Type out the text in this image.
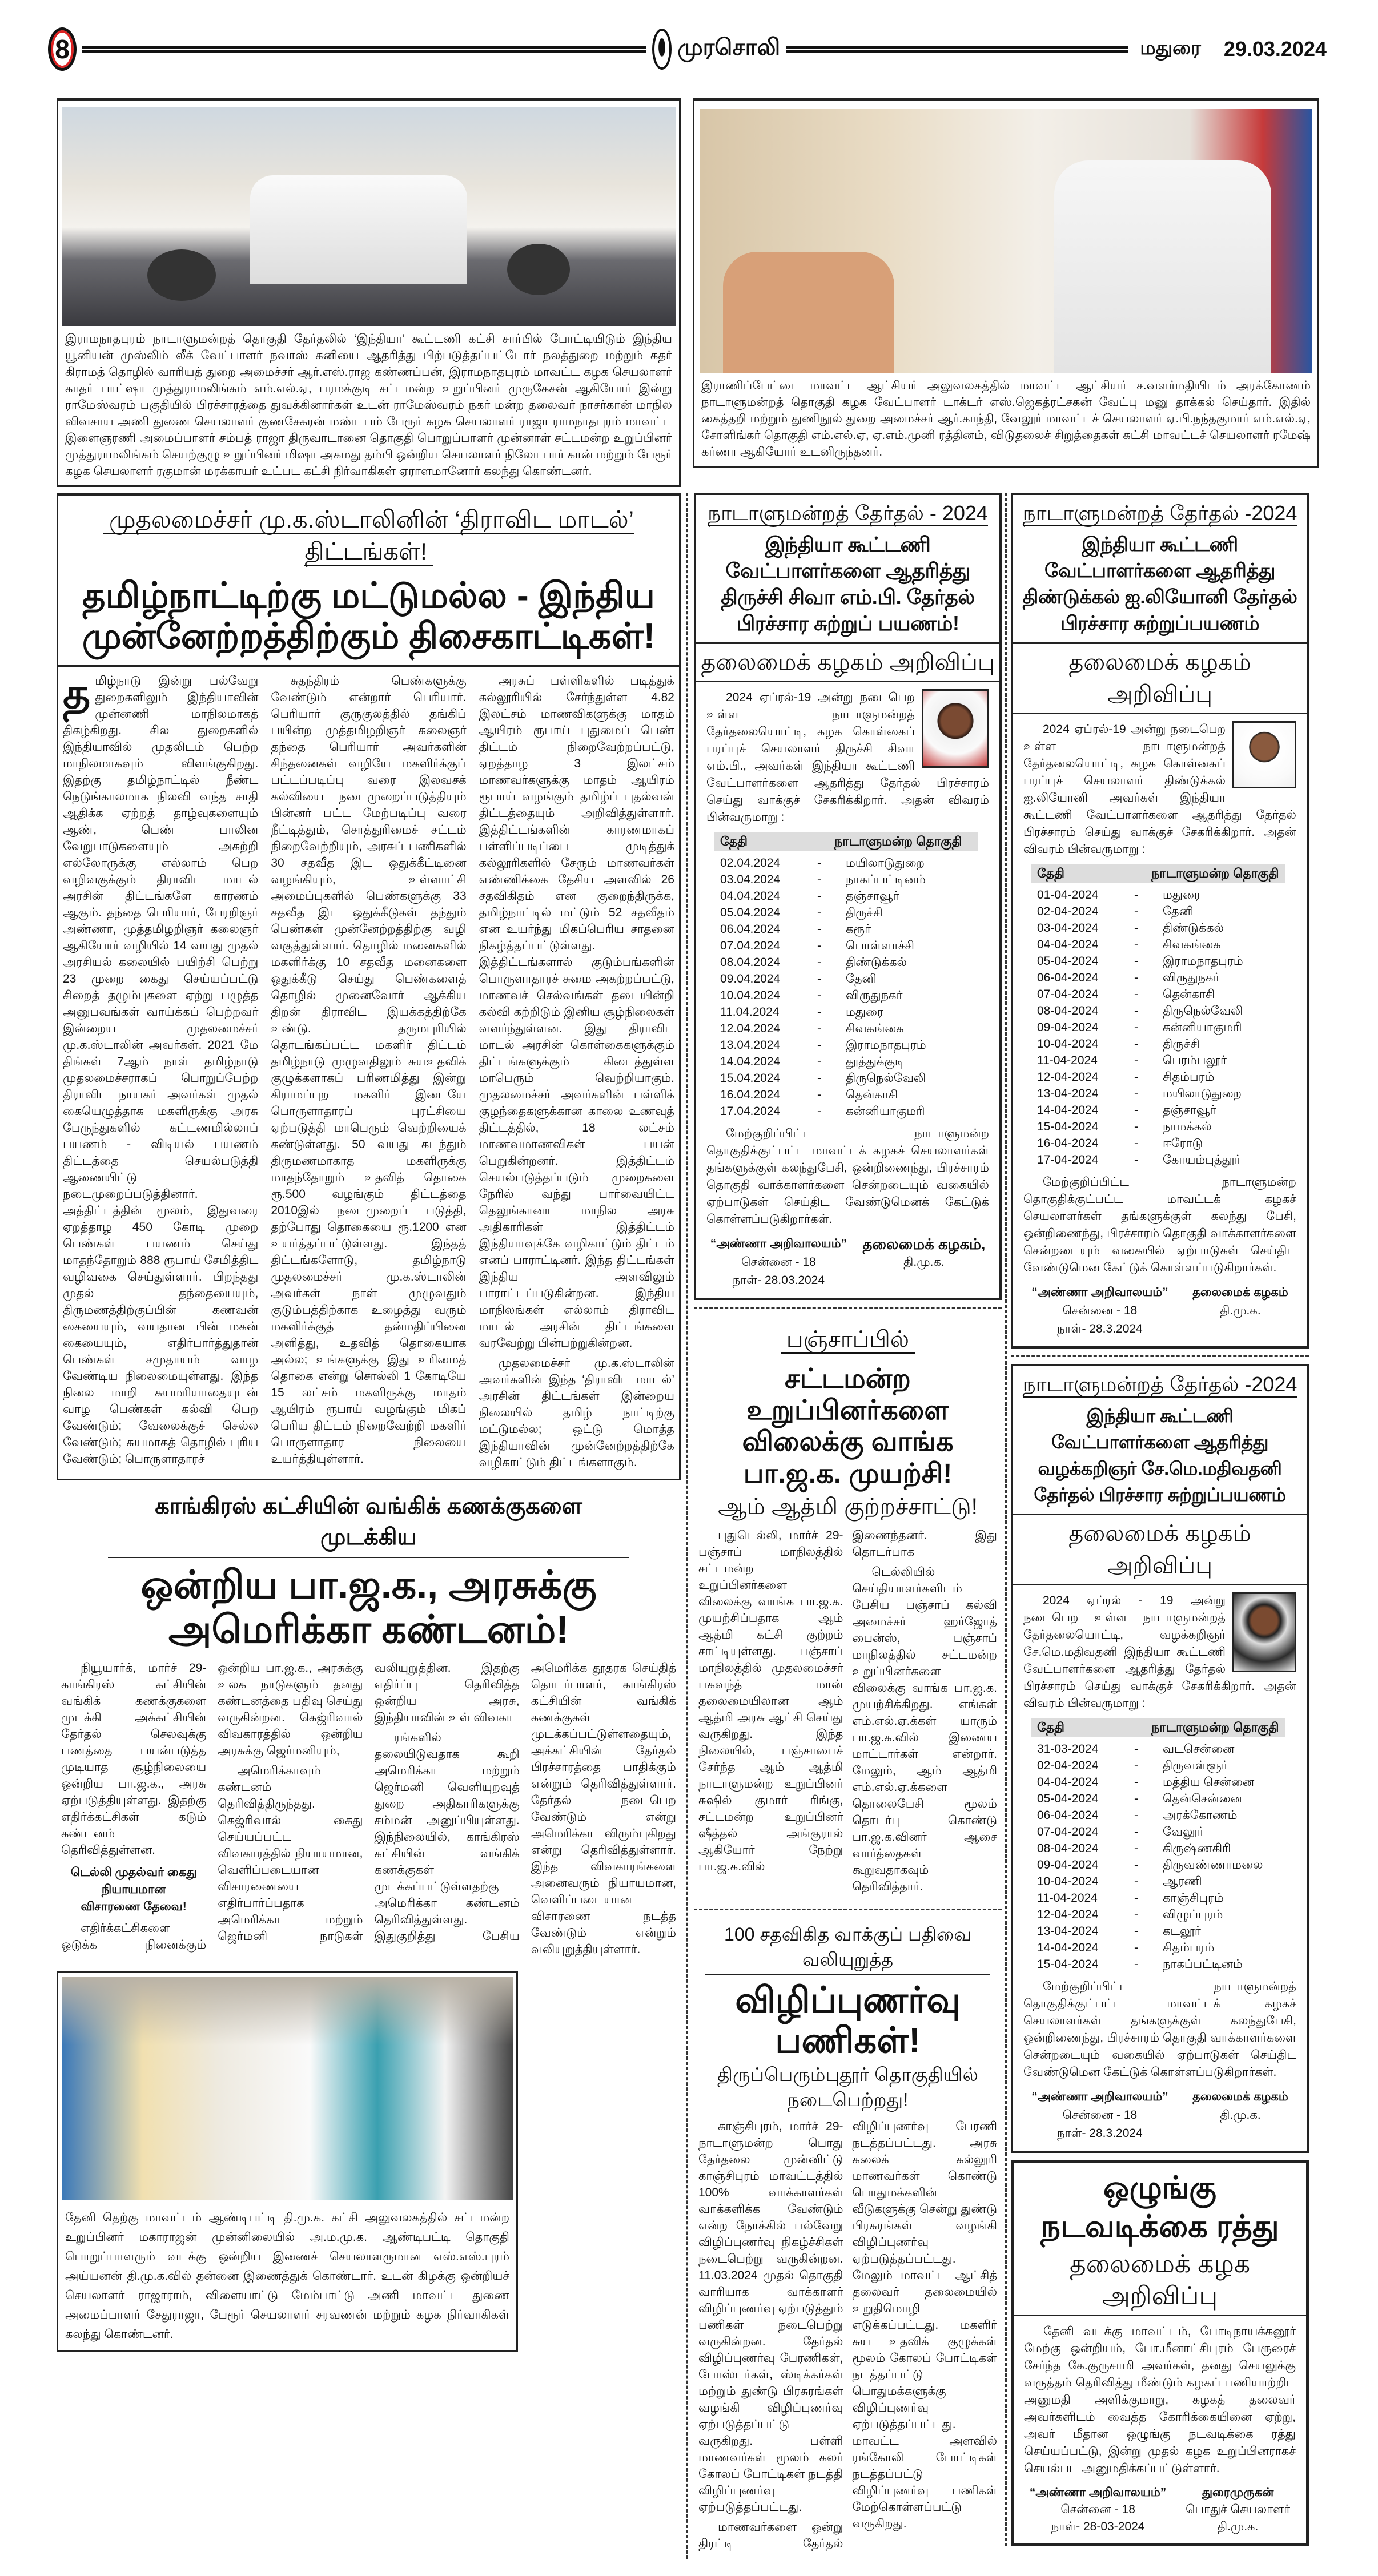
8	முரசொலி	மதுரை 29.03.2024
இராமநாதபுரம் நாடாளுமன்றத் தொகுதி தேர்தலில் ‘இந்தியா’ கூட்டணி கட்சி சார்பில் போட்டியிடும் இந்திய யூனியன் முஸ்லிம் லீக் வேட்பாளர் நவாஸ் கனியை ஆதரித்து பிற்படுத்தப்பட்டோர் நலத்துறை மற்றும் கதர் கிராமத் தொழில் வாரியத் துறை அமைச்சர் ஆர்.எஸ்.ராஜ கண்ணப்பன், இராமநாதபுரம் மாவட்ட கழக செயலாளர் காதர் பாட்ஷா முத்துராமலிங்கம் எம்.எல்.ஏ, பரமக்குடி சட்டமன்ற உறுப்பினர் முருகேசன் ஆகியோர் இன்று ராமேஸ்வரம் பகுதியில் பிரச்சாரத்தை துவக்கினார்கள் உடன் ராமேஸ்வரம் நகர் மன்ற தலைவர் நாசர்கான் மாநில விவசாய அணி துணை செயலாளர் குணசேகரன் மண்டபம் பேரூர் கழக செயலாளர் ராஜா ராமநாதபுரம் மாவட்ட இளைஞரணி அமைப்பாளர் சம்பத் ராஜா திருவாடானை தொகுதி பொறுப்பாளர் முன்னாள் சட்டமன்ற உறுப்பினர் முத்துராமலிங்கம் செயற்குழு உறுப்பினர் மிஷா அகமது தம்பி ஒன்றிய செயலாளர் நிலோ பார் கான் மற்றும் பேரூர் கழக செயலாளர் ரகுமான் மரக்காயர் உட்பட கட்சி நிர்வாகிகள் ஏராளமானோர் கலந்து கொண்டனர்.
இராணிப்பேட்டை மாவட்ட ஆட்சியர் அலுவலகத்தில் மாவட்ட ஆட்சியர் ச.வளர்மதியிடம் அரக்கோணம் நாடாளுமன்றத் தொகுதி கழக வேட்பாளர் டாக்டர் எஸ்.ஜெகத்ரட்சகன் வேட்பு மனு தாக்கல் செய்தார். இதில் கைத்தறி மற்றும் துணிநூல் துறை அமைச்சர் ஆர்.காந்தி, வேலூர் மாவட்டச் செயலாளர் ஏ.பி.நந்தகுமார் எம்.எல்.ஏ, சோளிங்கர் தொகுதி எம்.எல்.ஏ, ஏ.எம்.முனி ரத்தினம், விடுதலைச் சிறுத்தைகள் கட்சி மாவட்டச் செயலாளர் ரமேஷ் கர்ணா ஆகியோர் உடனிருந்தனர்.
முதலமைச்சர் மு.க.ஸ்டாலினின் ‘திராவிட மாடல்’ திட்டங்கள்!
தமிழ்நாட்டிற்கு மட்டுமல்ல - இந்திய முன்னேற்றத்திற்கும் திசைகாட்டிகள்!

தமிழ்நாடு இன்று பல்வேறு துறைகளிலும் இந்தியாவின் முன்னணி மாநிலமாகத் திகழ்கிறது. சில துறைகளில் இந்தியாவில் முதலிடம் பெற்ற மாநிலமாகவும் விளங்குகிறது. இதற்கு தமிழ்நாட்டில் நீண்ட நெடுங்காலமாக நிலவி வந்த சாதி ஆதிக்க ஏற்றத் தாழ்வுகளையும் ஆண், பெண் பாலின வேறுபாடுகளையும் அகற்றி எல்லோருக்கு எல்லாம் பெற வழிவகுக்கும் திராவிட மாடல் அரசின் திட்டங்களே காரணம் ஆகும். தந்தை பெரியார், பேரறிஞர் அண்ணா, முத்தமிழறிஞர் கலைஞர் ஆகியோர் வழியில் 14 வயது முதல் அரசியல் கலையில் பயிற்சி பெற்று 23 முறை கைது செய்யப்பட்டு சிறைத் தழும்புகளை ஏற்று பழுத்த அனுபவங்கள் வாய்க்கப் பெற்றவர் இன்றைய முதலமைச்சர் மு.க.ஸ்டாலின் அவர்கள். 2021 மே திங்கள் 7ஆம் நாள் தமிழ்நாடு முதலமைச்சராகப் பொறுப்பேற்ற திராவிட நாயகர் அவர்கள் முதல் கையெழுத்தாக மகளிருக்கு அரசு பேருந்துகளில் கட்டணமில்லாப் பயணம் - விடியல் பயணம் திட்டத்தை செயல்படுத்தி ஆணையிட்டு நடைமுறைப்படுத்தினார். அத்திட்டத்தின் மூலம், இதுவரை ஏறத்தாழ 450 கோடி முறை பெண்கள் பயணம் செய்து மாதந்தோறும் 888 ரூபாய் சேமித்திட வழிவகை செய்துள்ளார். பிறந்தது முதல் தந்தையையும், திருமணத்திற்குப்பின் கணவன் கையையும், வயதான பின் மகன் கையையும், எதிர்பார்த்துதான் பெண்கள் சமுதாயம் வாழ வேண்டிய நிலைமையுள்ளது. இந்த நிலை மாறி சுயமரியாதையுடன் வாழ பெண்கள் கல்வி பெற வேண்டும்; வேலைக்குச் செல்ல வேண்டும்; சுயமாகத் தொழில் புரிய வேண்டும்; பொருளாதாரச்

சுதந்திரம் பெண்களுக்கு வேண்டும் என்றார் பெரியார். பெரியார் குருகுலத்தில் தங்கிப் பயின்ற முத்தமிழறிஞர் கலைஞர் தந்தை பெரியார் அவர்களின் சிந்தனைகள் வழியே மகளிர்க்குப் பட்டப்படிப்பு வரை இலவசக் கல்வியை நடைமுறைப்படுத்தியும் பின்னர் பட்ட மேற்படிப்பு வரை நீட்டித்தும், சொத்துரிமைச் சட்டம் நிறைவேற்றியும், அரசுப் பணிகளில் 30 சதவீத இட ஒதுக்கீட்டினை வழங்கியும், உள்ளாட்சி அமைப்புகளில் பெண்களுக்கு 33 சதவீத இட ஒதுக்கீடுகள் தந்தும் பெண்கள் முன்னேற்றத்திற்கு வழி வகுத்துள்ளார். தொழில் மனைகளில் மகளிர்க்கு 10 சதவீத மனைகளை ஒதுக்கீடு செய்து பெண்களைத் தொழில் முனைவோர் ஆக்கிய திறன் திராவிட இயக்கத்திற்கே உண்டு. தருமபுரியில் தொடங்கப்பட்ட மகளிர் திட்டம் தமிழ்நாடு முழுவதிலும் சுயஉதவிக் குழுக்களாகப் பரிணமித்து இன்று கிராமப்புற மகளிர் இடையே பொருளாதாரப் புரட்சியை ஏற்படுத்தி மாபெரும் வெற்றியைக் கண்டுள்ளது. 50 வயது கடந்தும் திருமணமாகாத மகளிருக்கு மாதந்தோறும் உதவித் தொகை ரூ.500 வழங்கும் திட்டத்தை 2010இல் நடைமுறைப் படுத்தி, தற்போது தொகையை ரூ.1200 என உயர்த்தப்பட்டுள்ளது. இந்தத் திட்டங்களோடு, தமிழ்நாடு முதலமைச்சர் மு.க.ஸ்டாலின் அவர்கள் நாள் முழுவதும் குடும்பத்திற்காக உழைத்து வரும் மகளிர்க்குத் தன்மதிப்பினை அளித்து, உதவித் தொகையாக அல்ல; உங்களுக்கு இது உரிமைத் தொகை என்று சொல்லி 1 கோடியே 15 லட்சம் மகளிருக்கு மாதம் ஆயிரம் ரூபாய் வழங்கும் மிகப் பெரிய திட்டம் நிறைவேற்றி மகளிர் பொருளாதார நிலையை உயர்த்தியுள்ளார்.

அரசுப் பள்ளிகளில் படித்துக் கல்லூரியில் சேர்ந்துள்ள 4.82 இலட்சம் மாணவிகளுக்கு மாதம் ஆயிரம் ரூபாய் புதுமைப் பெண் திட்டம் நிறைவேற்றப்பட்டு, ஏறத்தாழ 3 இலட்சம் மாணவர்களுக்கு மாதம் ஆயிரம் ரூபாய் வழங்கும் தமிழ்ப் புதல்வன் திட்டத்தையும் அறிவித்துள்ளார். இத்திட்டங்களின் காரணமாகப் பள்ளிப்படிப்பை முடித்துக் கல்லூரிகளில் சேரும் மாணவர்கள் எண்ணிக்கை தேசிய அளவில் 26 சதவிகிதம் என குறைந்திருக்க, தமிழ்நாட்டில் மட்டும் 52 சதவீதம் என உயர்ந்து மிகப்பெரிய சாதனை நிகழ்த்தப்பட்டுள்ளது. இத்திட்டங்களால் குடும்பங்களின் பொருளாதாரச் சுமை அகற்றப்பட்டு, மாணவச் செல்வங்கள் தடையின்றி கல்வி கற்றிடும் இனிய சூழ்நிலைகள் வளர்ந்துள்ளன. இது திராவிட மாடல் அரசின் கொள்கைகளுக்கும் திட்டங்களுக்கும் கிடைத்துள்ள மாபெரும் வெற்றியாகும். முதலமைச்சர் அவர்களின் பள்ளிக் குழந்தைகளுக்கான காலை உணவுத் திட்டத்தில், 18 லட்சம் மாணவமாணவிகள் பயன் பெறுகின்றனர். இத்திட்டம் செயல்படுத்தப்படும் முறைகளை நேரில் வந்து பார்வையிட்ட தெலுங்கானா மாநில அரசு அதிகாரிகள் இத்திட்டம் இந்தியாவுக்கே வழிகாட்டும் திட்டம் எனப் பாராட்டினர். இந்த திட்டங்கள் இந்திய அளவிலும் பாராட்டப்படுகின்றன. இந்திய மாநிலங்கள் எல்லாம் திராவிட மாடல் அரசின் திட்டங்களை வரவேற்று பின்பற்றுகின்றன.

முதலமைச்சர் மு.க.ஸ்டாலின் அவர்களின் இந்த ‘திராவிட மாடல்’ அரசின் திட்டங்கள் இன்றைய நிலையில் தமிழ் நாட்டிற்கு மட்டுமல்ல; ஒட்டு மொத்த இந்தியாவின் முன்னேற்றத்திற்கே வழிகாட்டும் திட்டங்களாகும்.

காங்கிரஸ் கட்சியின் வங்கிக் கணக்குகளை முடக்கிய
ஒன்றிய பா.ஜ.க., அரசுக்கு அமெரிக்கா கண்டனம்!

நியூயார்க், மார்ச் 29- காங்கிரஸ் கட்சியின் வங்கிக் கணக்குகளை முடக்கி அக்கட்சியின் தேர்தல் செலவுக்கு பணத்தை பயன்படுத்த முடியாத சூழ்நிலையை ஒன்றிய பா.ஜ.க., அரசு ஏற்படுத்தியுள்ளது. இதற்கு எதிர்க்கட்சிகள் கடும் கண்டனம் தெரிவித்துள்ளன.

டெல்லி முதல்வர் கைது நியாயமான விசாரணை தேவை!

எதிர்க்கட்சிகளை ஒடுக்க நினைக்கும் ஒன்றிய பா.ஜ.க., அரசுக்கு உலக நாடுகளும் தனது கண்டனத்தை பதிவு செய்து வருகின்றன. கெஜ்ரிவால் விவகாரத்தில் ஒன்றிய அரசுக்கு ஜெர்மனியும்,

அமெரிக்காவும் கண்டனம் தெரிவித்திருந்தது. கெஜ்ரிவால் கைது செய்யப்பட்ட விவகாரத்தில் நியாயமான, வெளிப்படையான விசாரணையை எதிர்பார்ப்பதாக அமெரிக்கா மற்றும் ஜெர்மனி நாடுகள் வலியுறுத்தின. இதற்கு எதிர்ப்பு தெரிவித்த ஒன்றிய அரசு, இந்தியாவின் உள் விவகா

ரங்களில் தலையிடுவதாக கூறி அமெரிக்கா மற்றும் ஜெர்மனி வெளியுறவுத் துறை அதிகாரிகளுக்கு சம்மன் அனுப்பியுள்ளது. இந்நிலையில், காங்கிரஸ் கட்சியின் வங்கிக் கணக்குகள் முடக்கப்பட்டுள்ளதற்கு அமெரிக்கா கண்டனம் தெரிவித்துள்ளது. இதுகுறித்து பேசிய அமெரிக்க தூதரக செய்தித் தொடர்பாளர், காங்கிரஸ் கட்சியின் வங்கிக் கணக்குகள் முடக்கப்பட்டுள்ளதையும், அக்கட்சியின் தேர்தல் பிரச்சாரத்தை பாதிக்கும் என்றும் தெரிவித்துள்ளார். தேர்தல் நடைபெற வேண்டும் என்று அமெரிக்கா விரும்புகிறது என்று தெரிவித்துள்ளார். இந்த விவகாரங்களை அனைவரும் நியாயமான, வெளிப்படையான விசாரணை நடத்த வேண்டும் என்றும் வலியுறுத்தியுள்ளார்.

தேனி தெற்கு மாவட்டம் ஆண்டிபட்டி தி.மு.க. கட்சி அலுவலகத்தில் சட்டமன்ற உறுப்பினர் மகாராஜன் முன்னிலையில் அ.ம.மு.க. ஆண்டிபட்டி தொகுதி பொறுப்பாளரும் வடக்கு ஒன்றிய இணைச் செயலாளருமான எஸ்.எஸ்.புரம் அய்யனன் தி.மு.க.வில் தன்னை இணைத்துக் கொண்டார். உடன் கிழக்கு ஒன்றியச் செயலாளர் ராஜாராம், விளையாட்டு மேம்பாட்டு அணி மாவட்ட துணை அமைப்பாளர் சேதுராஜா, பேரூர் செயலாளர் சரவணன் மற்றும் கழக நிர்வாகிகள் கலந்து கொண்டனர்.
நாடாளுமன்றத் தேர்தல் - 2024
இந்தியா கூட்டணி வேட்பாளர்களை ஆதரித்து திருச்சி சிவா எம்.பி. தேர்தல் பிரச்சார சுற்றுப் பயணம்!
தலைமைக் கழகம் அறிவிப்பு
2024 ஏப்ரல்-19 அன்று நடைபெற உள்ள நாடாளுமன்றத் தேர்தலையொட்டி, கழக கொள்கைப் பரப்புச் செயலாளர் திருச்சி சிவா எம்.பி., அவர்கள் இந்தியா கூட்டணி வேட்பாளர்களை ஆதரித்து தேர்தல் பிரச்சாரம் செய்து வாக்குச் சேகரிக்கிறார். அதன் விவரம் பின்வருமாறு :
தேதி	நாடாளுமன்ற தொகுதி
02.04.2024	-	மயிலாடுதுறை
03.04.2024	-	நாகப்பட்டினம்
04.04.2024	-	தஞ்சாவூர்
05.04.2024	-	திருச்சி
06.04.2024	-	கரூர்
07.04.2024	-	பொள்ளாச்சி
08.04.2024	-	திண்டுக்கல்
09.04.2024	-	தேனி
10.04.2024	-	விருதுநகர்
11.04.2024	-	மதுரை
12.04.2024	-	சிவகங்கை
13.04.2024	-	இராமநாதபுரம்
14.04.2024	-	தூத்துக்குடி
15.04.2024	-	திருநெல்வேலி
16.04.2024	-	தென்காசி
17.04.2024	-	கன்னியாகுமரி
மேற்குறிப்பிட்ட நாடாளுமன்ற தொகுதிக்குட்பட்ட மாவட்டக் கழகச் செயலாளர்கள் தங்களுக்குள் கலந்துபேசி, ஒன்றிணைந்து, பிரச்சாரம் தொகுதி வாக்காளர்களை சென்றடையும் வகையில் ஏற்பாடுகள் செய்திட வேண்டுமெனக் கேட்டுக் கொள்ளப்படுகிறார்கள்.
“அண்ணா அறிவாலயம்”
சென்னை - 18
நாள்- 28.03.2024
தலைமைக் கழகம்,
தி.மு.க.
பஞ்சாப்பில்
சட்டமன்ற உறுப்பினர்களை விலைக்கு வாங்க பா.ஜ.க. முயற்சி!
ஆம் ஆத்மி குற்றச்சாட்டு!

புதுடெல்லி, மார்ச் 29- பஞ்சாப் மாநிலத்தில் சட்டமன்ற உறுப்பினர்களை விலைக்கு வாங்க பா.ஜ.க. முயற்சிப்பதாக ஆம் ஆத்மி கட்சி குற்றம் சாட்டியுள்ளது. பஞ்சாப் மாநிலத்தில் முதலமைச்சர் பகவந்த் மான் தலைமையிலான ஆம் ஆத்மி அரசு ஆட்சி செய்து வருகிறது. இந்த நிலையில், பஞ்சாபைச் சேர்ந்த ஆம் ஆத்மி நாடாளுமன்ற உறுப்பினர் சுஷில் குமார் ரிங்கு, சட்டமன்ற உறுப்பினர் ஷீத்தல் அங்குரால் ஆகியோர் நேற்று பா.ஜ.க.வில் இணைந்தனர். இது தொடர்பாக

டெல்லியில் செய்தியாளர்களிடம் பேசிய பஞ்சாப் கல்வி அமைச்சர் ஹர்ஜோத் பைன்ஸ், பஞ்சாப் மாநிலத்தில் சட்டமன்ற உறுப்பினர்களை விலைக்கு வாங்க பா.ஜ.க. முயற்சிக்கிறது. எங்கள் எம்.எல்.ஏ.க்கள் யாரும் பா.ஜ.க.வில் இணைய மாட்டார்கள் என்றார். மேலும், ஆம் ஆத்மி எம்.எல்.ஏ.க்களை தொலைபேசி மூலம் தொடர்பு கொண்டு பா.ஜ.க.வினர் ஆசை வார்த்தைகள் கூறுவதாகவும் தெரிவித்தார்.

100 சதவிகித வாக்குப் பதிவை வலியுறுத்த
விழிப்புணர்வு பணிகள்!
திருப்பெரும்புதூர் தொகுதியில் நடைபெற்றது!

காஞ்சிபுரம், மார்ச் 29- நாடாளுமன்ற பொது தேர்தலை முன்னிட்டு காஞ்சிபுரம் மாவட்டத்தில் 100% வாக்காளர்கள் வாக்களிக்க வேண்டும் என்ற நோக்கில் பல்வேறு விழிப்புணர்வு நிகழ்ச்சிகள் நடைபெற்று வருகின்றன. 11.03.2024 முதல் தொகுதி வாரியாக வாக்காளர் விழிப்புணர்வு ஏற்படுத்தும் பணிகள் நடைபெற்று வருகின்றன. தேர்தல் விழிப்புணர்வு பேரணிகள், போஸ்டர்கள், ஸ்டிக்கர்கள் மற்றும் துண்டு பிரசுரங்கள் வழங்கி விழிப்புணர்வு ஏற்படுத்தப்பட்டு வருகிறது. பள்ளி மாணவர்கள் மூலம் கலர் கோலப் போட்டிகள் நடத்தி விழிப்புணர்வு ஏற்படுத்தப்பட்டது.

மாணவர்களை ஒன்று திரட்டி தேர்தல் விழிப்புணர்வு பேரணி நடத்தப்பட்டது. அரசு கலைக் கல்லூரி மாணவர்கள் கொண்டு பொதுமக்களின் வீடுகளுக்கு சென்று துண்டு பிரசுரங்கள் வழங்கி விழிப்புணர்வு ஏற்படுத்தப்பட்டது. மேலும் மாவட்ட ஆட்சித் தலைவர் தலைமையில் உறுதிமொழி எடுக்கப்பட்டது. மகளிர் சுய உதவிக் குழுக்கள் மூலம் கோலப் போட்டிகள் நடத்தப்பட்டு பொதுமக்களுக்கு விழிப்புணர்வு ஏற்படுத்தப்பட்டது. மாவட்ட அளவில் ரங்கோலி போட்டிகள் நடத்தப்பட்டு விழிப்புணர்வு பணிகள் மேற்கொள்ளப்பட்டு வருகிறது.

நாடாளுமன்றத் தேர்தல் -2024
இந்தியா கூட்டணி வேட்பாளர்களை ஆதரித்து திண்டுக்கல் ஐ.லியோனி தேர்தல் பிரச்சார சுற்றுப்பயணம்
தலைமைக் கழகம் அறிவிப்பு
2024 ஏப்ரல்-19 அன்று நடைபெற உள்ள நாடாளுமன்றத் தேர்தலையொட்டி, கழக கொள்கைப் பரப்புச் செயலாளர் திண்டுக்கல் ஐ.லியோனி அவர்கள் இந்தியா கூட்டணி வேட்பாளர்களை ஆதரித்து தேர்தல் பிரச்சாரம் செய்து வாக்குச் சேகரிக்கிறார். அதன் விவரம் பின்வருமாறு :
தேதி	நாடாளுமன்ற தொகுதி
01-04-2024	-	மதுரை
02-04-2024	-	தேனி
03-04-2024	-	திண்டுக்கல்
04-04-2024	-	சிவகங்கை
05-04-2024	-	இராமநாதபுரம்
06-04-2024	-	விருதுநகர்
07-04-2024	-	தென்காசி
08-04-2024	-	திருநெல்வேலி
09-04-2024	-	கன்னியாகுமரி
10-04-2024	-	திருச்சி
11-04-2024	-	பெரம்பலூர்
12-04-2024	-	சிதம்பரம்
13-04-2024	-	மயிலாடுதுறை
14-04-2024	-	தஞ்சாவூர்
15-04-2024	-	நாமக்கல்
16-04-2024	-	ஈரோடு
17-04-2024	-	கோயம்புத்தூர்
மேற்குறிப்பிட்ட நாடாளுமன்ற தொகுதிக்குட்பட்ட மாவட்டக் கழகச் செயலாளர்கள் தங்களுக்குள் கலந்து பேசி, ஒன்றிணைந்து, பிரச்சாரம் தொகுதி வாக்காளர்களை சென்றடையும் வகையில் ஏற்பாடுகள் செய்திட வேண்டுமென கேட்டுக் கொள்ளப்படுகிறார்கள்.
“அண்ணா அறிவாலயம்”
சென்னை - 18
நாள்- 28.3.2024
தலைமைக் கழகம்
தி.மு.க.
நாடாளுமன்றத் தேர்தல் -2024
இந்தியா கூட்டணி வேட்பாளர்களை ஆதரித்து வழக்கறிஞர் சே.மெ.மதிவதனி தேர்தல் பிரச்சார சுற்றுப்பயணம்
தலைமைக் கழகம் அறிவிப்பு
2024 ஏப்ரல் - 19 அன்று நடைபெற உள்ள நாடாளுமன்றத் தேர்தலையொட்டி, வழக்கறிஞர் சே.மெ.மதிவதனி இந்தியா கூட்டணி வேட்பாளர்களை ஆதரித்து தேர்தல் பிரச்சாரம் செய்து வாக்குச் சேகரிக்கிறார். அதன் விவரம் பின்வருமாறு :
தேதி	நாடாளுமன்ற தொகுதி
31-03-2024	-	வடசென்னை
02-04-2024	-	திருவள்ளூர்
04-04-2024	-	மத்திய சென்னை
05-04-2024	-	தென்சென்னை
06-04-2024	-	அரக்கோணம்
07-04-2024	-	வேலூர்
08-04-2024	-	கிருஷ்ணகிரி
09-04-2024	-	திருவண்ணாமலை
10-04-2024	-	ஆரணி
11-04-2024	-	காஞ்சிபுரம்
12-04-2024	-	விழுப்புரம்
13-04-2024	-	கடலூர்
14-04-2024	-	சிதம்பரம்
15-04-2024	-	நாகப்பட்டினம்
மேற்குறிப்பிட்ட நாடாளுமன்றத் தொகுதிக்குட்பட்ட மாவட்டக் கழகச் செயலாளர்கள் தங்களுக்குள் கலந்துபேசி, ஒன்றிணைந்து, பிரச்சாரம் தொகுதி வாக்காளர்களை சென்றடையும் வகையில் ஏற்பாடுகள் செய்திட வேண்டுமென கேட்டுக் கொள்ளப்படுகிறார்கள்.
“அண்ணா அறிவாலயம்”
சென்னை - 18
நாள்- 28.3.2024
தலைமைக் கழகம்
தி.மு.க.
ஒழுங்கு நடவடிக்கை ரத்து
தலைமைக் கழக அறிவிப்பு
தேனி வடக்கு மாவட்டம், போடிநாயக்கனூர் மேற்கு ஒன்றியம், போ.மீனாட்சிபுரம் பேரூரைச் சேர்ந்த கே.குருசாமி அவர்கள், தனது செயலுக்கு வருத்தம் தெரிவித்து மீண்டும் கழகப் பணியாற்றிட அனுமதி அளிக்குமாறு, கழகத் தலைவர் அவர்களிடம் வைத்த கோரிக்கையினை ஏற்று, அவர் மீதான ஒழுங்கு நடவடிக்கை ரத்து செய்யப்பட்டு, இன்று முதல் கழக உறுப்பினராகச் செயல்பட அனுமதிக்கப்பட்டுள்ளார்.
“அண்ணா அறிவாலயம்”
சென்னை - 18
நாள்- 28-03-2024
துரைமுருகன்
பொதுச் செயலாளர்
தி.மு.க.
